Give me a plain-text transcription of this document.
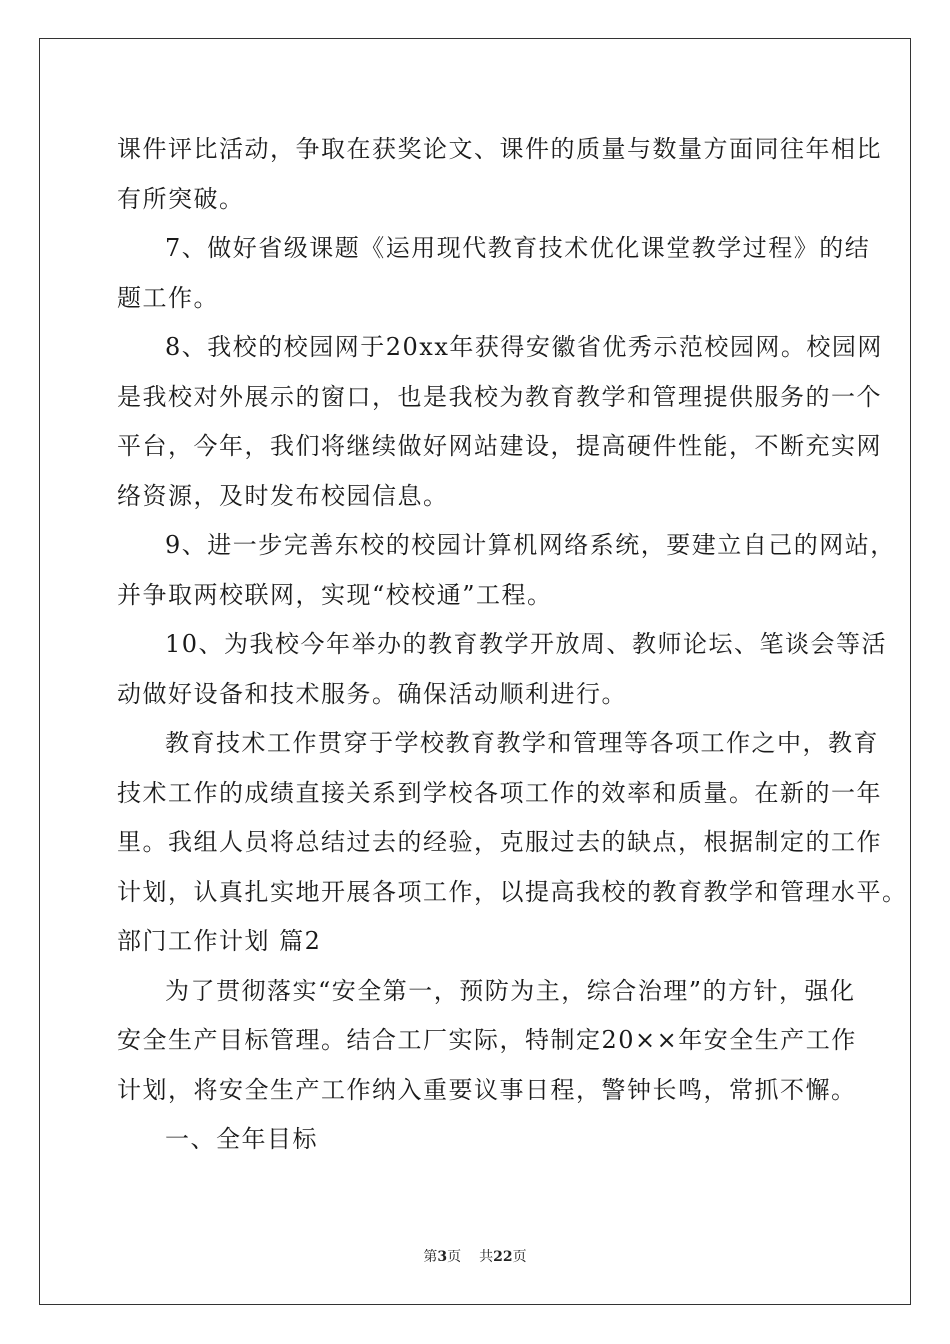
课件评比活动，争取在获奖论文、课件的质量与数量方面同往年相比
有所突破。
7、做好省级课题《运用现代教育技术优化课堂教学过程》的结
题工作。
8、我校的校园网于20xx年获得安徽省优秀示范校园网。校园网
是我校对外展示的窗口，也是我校为教育教学和管理提供服务的一个
平台，今年，我们将继续做好网站建设，提高硬件性能，不断充实网
络资源，及时发布校园信息。
9、进一步完善东校的校园计算机网络系统，要建立自己的网站，
并争取两校联网，实现“校校通”工程。
10、为我校今年举办的教育教学开放周、教师论坛、笔谈会等活
动做好设备和技术服务。确保活动顺利进行。
教育技术工作贯穿于学校教育教学和管理等各项工作之中，教育
技术工作的成绩直接关系到学校各项工作的效率和质量。在新的一年
里。我组人员将总结过去的经验，克服过去的缺点，根据制定的工作
计划，认真扎实地开展各项工作，以提高我校的教育教学和管理水平。
部门工作计划 篇2
为了贯彻落实“安全第一，预防为主，综合治理”的方针，强化
安全生产目标管理。结合工厂实际，特制定20××年安全生产工作
计划，将安全生产工作纳入重要议事日程，警钟长鸣，常抓不懈。
一、全年目标
第3页 共22页
